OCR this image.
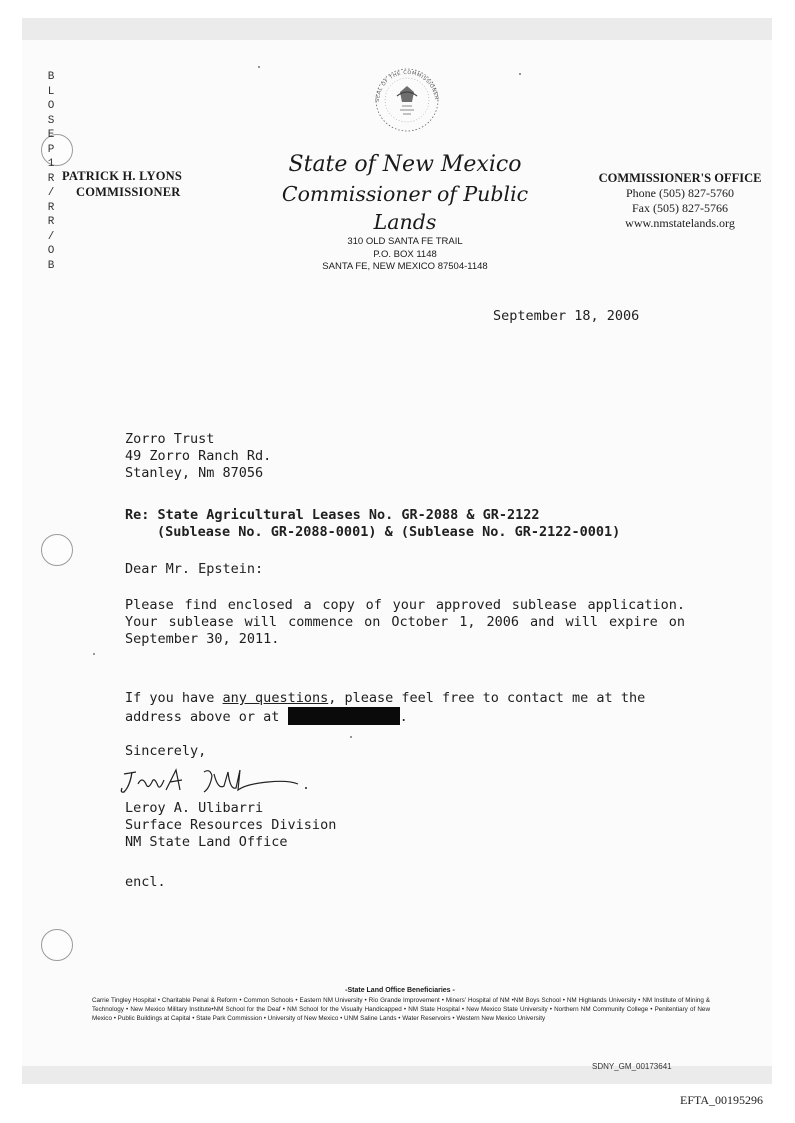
B
L
O
S
E
P
1
R
/
R
R
/
O
B
SEAL OF THE COMMISSIONER
PATRICK H. LYONS
COMMISSIONER
State of New Mexico
Commissioner of Public Lands
310 OLD SANTA FE TRAIL
P.O. BOX 1148
SANTA FE, NEW MEXICO 87504-1148
COMMISSIONER'S OFFICE
Phone (505) 827-5760
Fax (505) 827-5766
www.nmstatelands.org
September 18, 2006
Zorro Trust
49 Zorro Ranch Rd.
Stanley, Nm 87056
Re: State Agricultural Leases No. GR-2088 & GR-2122
(Sublease No. GR-2088-0001) & (Sublease No. GR-2122-0001)
Dear Mr. Epstein:
Please find enclosed a copy of your approved sublease application. Your sublease will commence on October 1, 2006 and will expire on September 30, 2011.
If you have any questions, please feel free to contact me at the address above or at	.
Sincerely,
Leroy A. Ulibarri
Surface Resources Division
NM State Land Office
encl.
-State Land Office Beneficiaries -
Carrie Tingley Hospital • Charitable Penal & Reform • Common Schools • Eastern NM University • Rio Grande Improvement • Miners' Hospital of NM •NM Boys School • NM Highlands University • NM Institute of Mining & Technology • New Mexico Military Institute•NM School for the Deaf • NM School for the Visually Handicapped • NM State Hospital • New Mexico State University • Northern NM Community College • Penitentiary of New Mexico • Public Buildings at Capital • State Park Commission • University of New Mexico • UNM Saline Lands • Water Reservoirs • Western New Mexico University
SDNY_GM_00173641
EFTA_00195296
